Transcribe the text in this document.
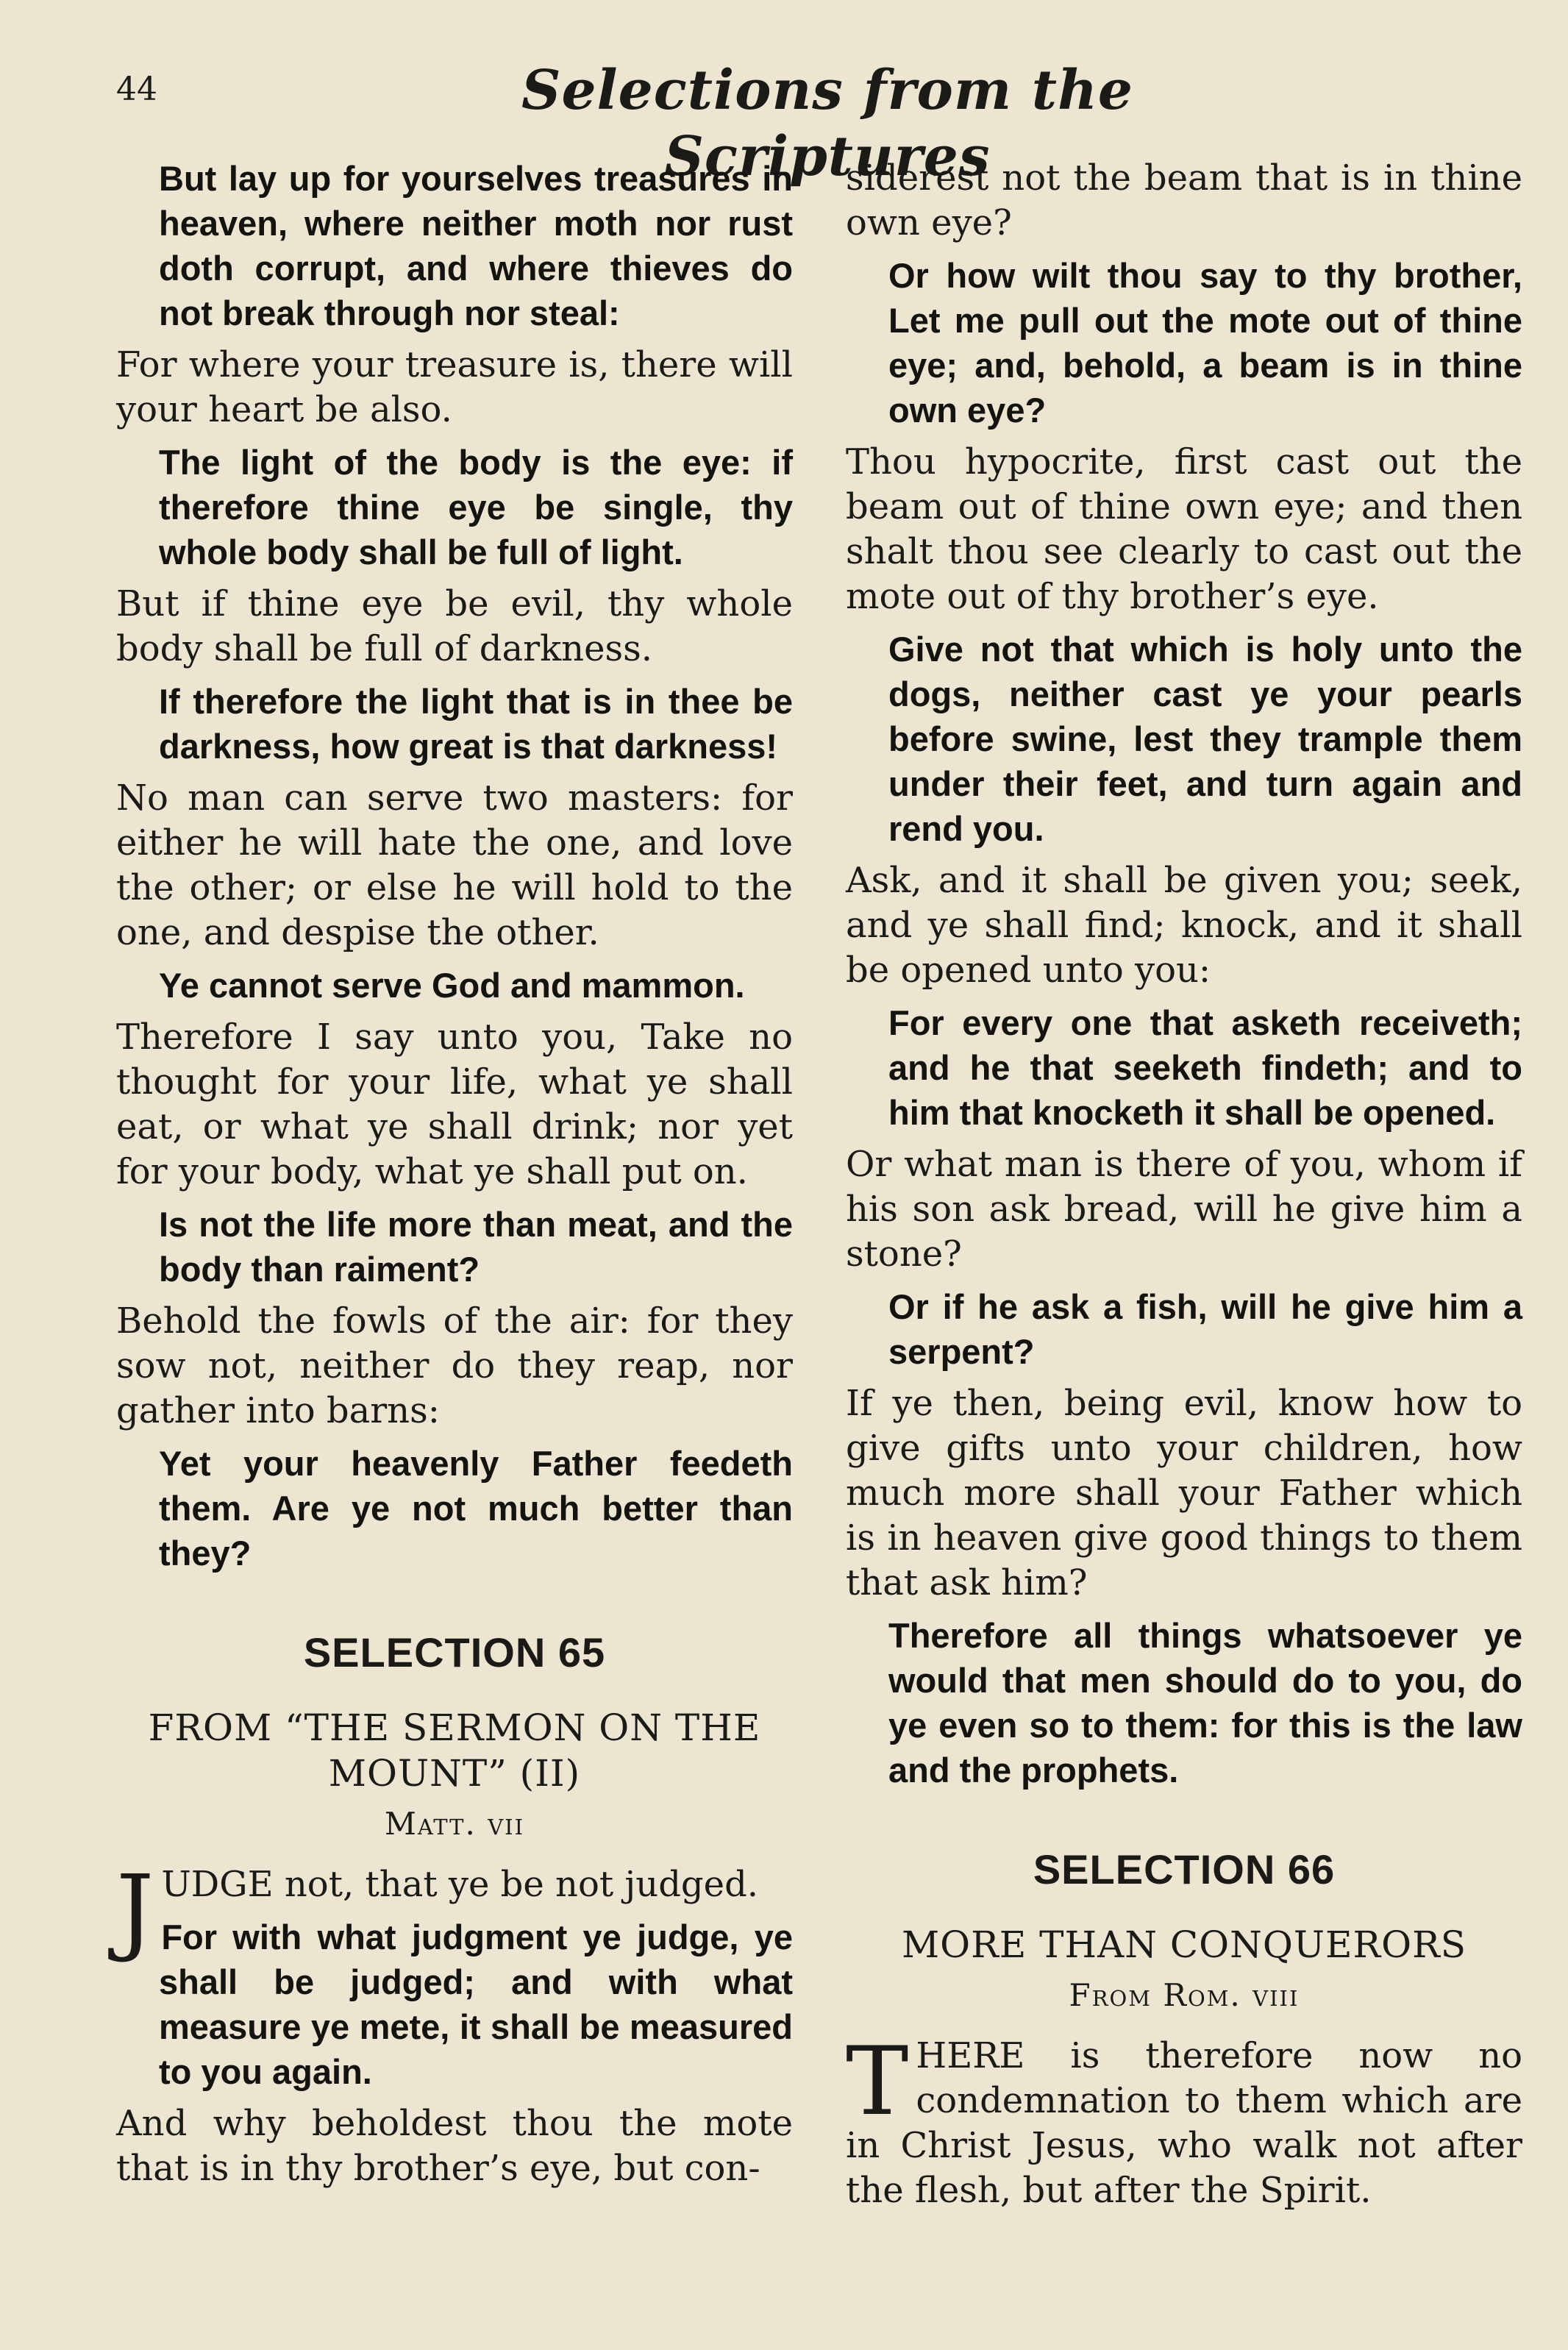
44	Selections from the Scriptures

But lay up for yourselves treasures in heaven, where neither moth nor rust doth corrupt, and where thieves do not break through nor steal:

For where your treasure is, there will your heart be also.

The light of the body is the eye: if therefore thine eye be single, thy whole body shall be full of light.

But if thine eye be evil, thy whole body shall be full of darkness.

If therefore the light that is in thee be darkness, how great is that darkness!

No man can serve two masters: for either he will hate the one, and love the other; or else he will hold to the one, and despise the other.

Ye cannot serve God and mammon.

Therefore I say unto you, Take no thought for your life, what ye shall eat, or what ye shall drink; nor yet for your body, what ye shall put on.

Is not the life more than meat, and the body than raiment?

Behold the fowls of the air: for they sow not, neither do they reap, nor gather into barns:

Yet your heavenly Father feedeth them. Are ye not much better than they?

SELECTION 65

FROM “THE SERMON ON THE MOUNT” (II)

Matt. vii

JUDGE not, that ye be not judged.

For with what judgment ye judge, ye shall be judged; and with what measure ye mete, it shall be measured to you again.

And why beholdest thou the mote that is in thy brother’s eye, but con-

siderest not the beam that is in thine own eye?

Or how wilt thou say to thy brother, Let me pull out the mote out of thine eye; and, behold, a beam is in thine own eye?

Thou hypocrite, first cast out the beam out of thine own eye; and then shalt thou see clearly to cast out the mote out of thy brother’s eye.

Give not that which is holy unto the dogs, neither cast ye your pearls before swine, lest they trample them under their feet, and turn again and rend you.

Ask, and it shall be given you; seek, and ye shall find; knock, and it shall be opened unto you:

For every one that asketh receiveth; and he that seeketh findeth; and to him that knocketh it shall be opened.

Or what man is there of you, whom if his son ask bread, will he give him a stone?

Or if he ask a fish, will he give him a serpent?

If ye then, being evil, know how to give gifts unto your children, how much more shall your Father which is in heaven give good things to them that ask him?

Therefore all things whatsoever ye would that men should do to you, do ye even so to them: for this is the law and the prophets.

SELECTION 66

MORE THAN CONQUERORS

From Rom. viii

THERE is therefore now no condemnation to them which are in Christ Jesus, who walk not after the flesh, but after the Spirit.
